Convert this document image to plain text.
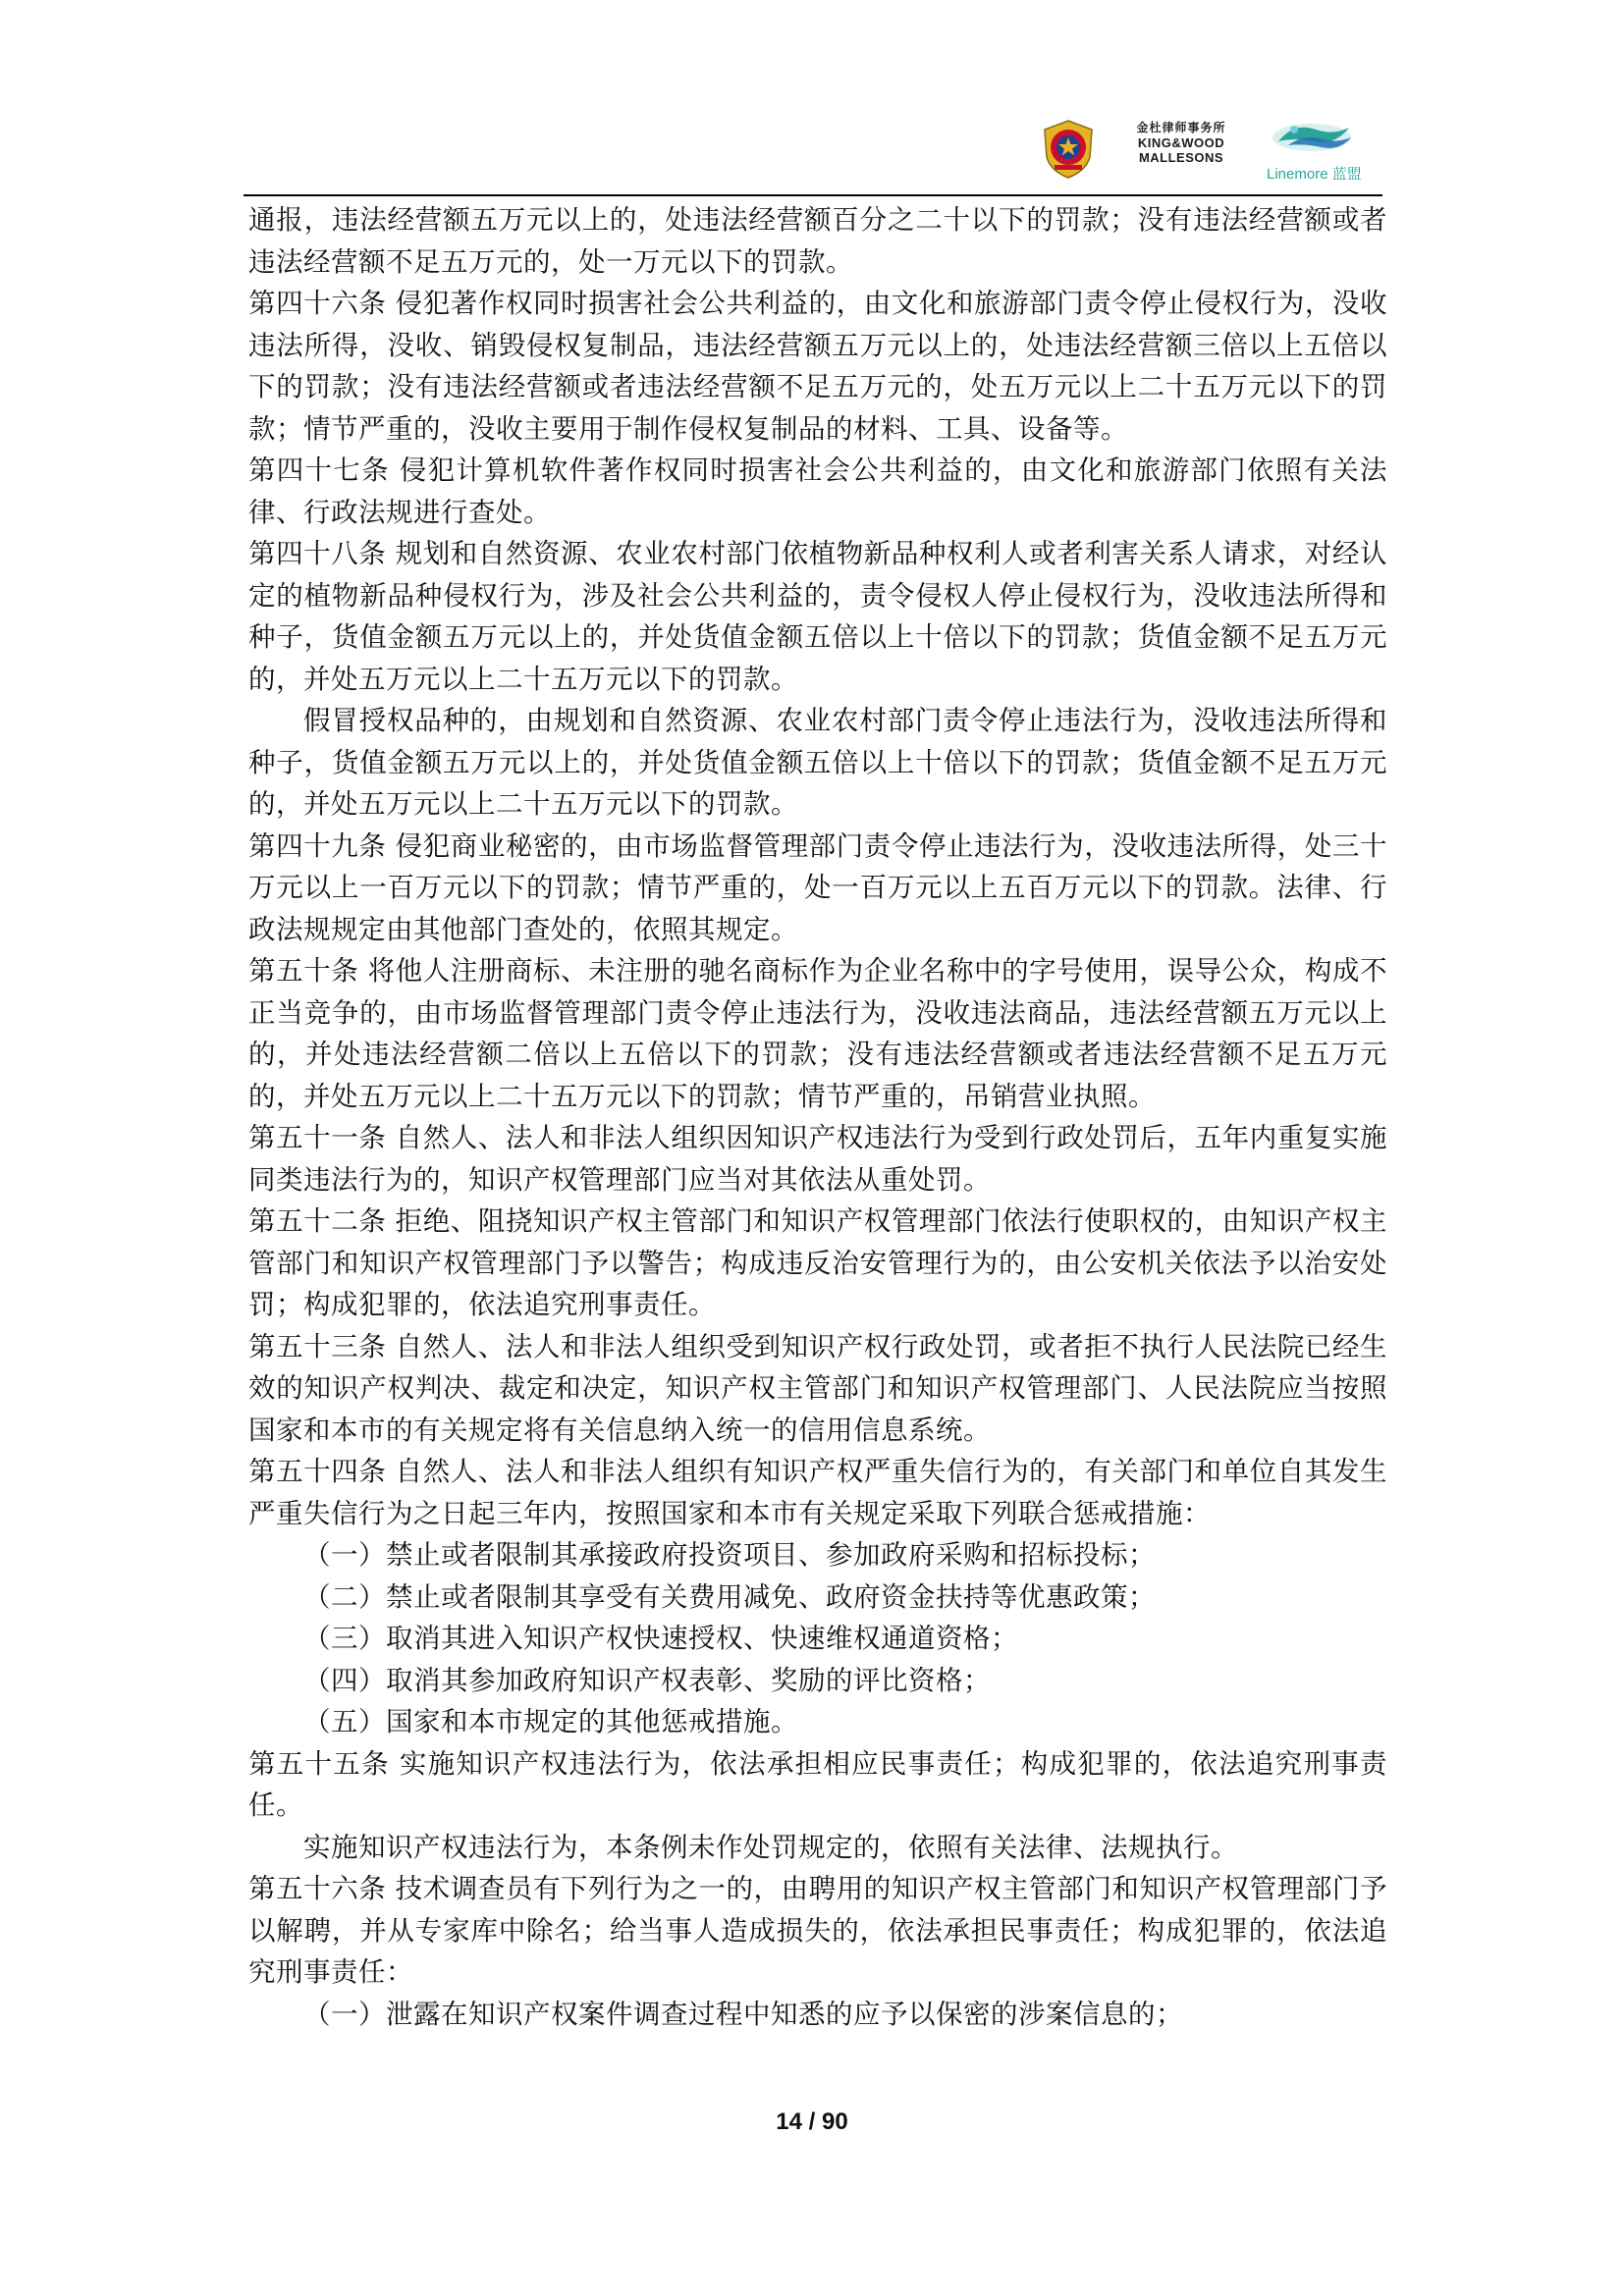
金杜律师事务所
KING&WOOD
MALLESONS
Linemore 蓝盟

通报，违法经营额五万元以上的，处违法经营额百分之二十以下的罚款；没有违法经营额或者违法经营额不足五万元的，处一万元以下的罚款。

第四十六条 侵犯著作权同时损害社会公共利益的，由文化和旅游部门责令停止侵权行为，没收违法所得，没收、销毁侵权复制品，违法经营额五万元以上的，处违法经营额三倍以上五倍以下的罚款；没有违法经营额或者违法经营额不足五万元的，处五万元以上二十五万元以下的罚款；情节严重的，没收主要用于制作侵权复制品的材料、工具、设备等。

第四十七条 侵犯计算机软件著作权同时损害社会公共利益的，由文化和旅游部门依照有关法律、行政法规进行查处。

第四十八条 规划和自然资源、农业农村部门依植物新品种权利人或者利害关系人请求，对经认定的植物新品种侵权行为，涉及社会公共利益的，责令侵权人停止侵权行为，没收违法所得和种子，货值金额五万元以上的，并处货值金额五倍以上十倍以下的罚款；货值金额不足五万元的，并处五万元以上二十五万元以下的罚款。

假冒授权品种的，由规划和自然资源、农业农村部门责令停止违法行为，没收违法所得和种子，货值金额五万元以上的，并处货值金额五倍以上十倍以下的罚款；货值金额不足五万元的，并处五万元以上二十五万元以下的罚款。

第四十九条 侵犯商业秘密的，由市场监督管理部门责令停止违法行为，没收违法所得，处三十万元以上一百万元以下的罚款；情节严重的，处一百万元以上五百万元以下的罚款。法律、行政法规规定由其他部门查处的，依照其规定。

第五十条 将他人注册商标、未注册的驰名商标作为企业名称中的字号使用，误导公众，构成不正当竞争的，由市场监督管理部门责令停止违法行为，没收违法商品，违法经营额五万元以上的，并处违法经营额二倍以上五倍以下的罚款；没有违法经营额或者违法经营额不足五万元的，并处五万元以上二十五万元以下的罚款；情节严重的，吊销营业执照。

第五十一条 自然人、法人和非法人组织因知识产权违法行为受到行政处罚后，五年内重复实施同类违法行为的，知识产权管理部门应当对其依法从重处罚。

第五十二条 拒绝、阻挠知识产权主管部门和知识产权管理部门依法行使职权的，由知识产权主管部门和知识产权管理部门予以警告；构成违反治安管理行为的，由公安机关依法予以治安处罚；构成犯罪的，依法追究刑事责任。

第五十三条 自然人、法人和非法人组织受到知识产权行政处罚，或者拒不执行人民法院已经生效的知识产权判决、裁定和决定，知识产权主管部门和知识产权管理部门、人民法院应当按照国家和本市的有关规定将有关信息纳入统一的信用信息系统。

第五十四条 自然人、法人和非法人组织有知识产权严重失信行为的，有关部门和单位自其发生严重失信行为之日起三年内，按照国家和本市有关规定采取下列联合惩戒措施：

（一）禁止或者限制其承接政府投资项目、参加政府采购和招标投标；

（二）禁止或者限制其享受有关费用减免、政府资金扶持等优惠政策；

（三）取消其进入知识产权快速授权、快速维权通道资格；

（四）取消其参加政府知识产权表彰、奖励的评比资格；

（五）国家和本市规定的其他惩戒措施。

第五十五条 实施知识产权违法行为，依法承担相应民事责任；构成犯罪的，依法追究刑事责任。

实施知识产权违法行为，本条例未作处罚规定的，依照有关法律、法规执行。

第五十六条 技术调查员有下列行为之一的，由聘用的知识产权主管部门和知识产权管理部门予以解聘，并从专家库中除名；给当事人造成损失的，依法承担民事责任；构成犯罪的，依法追究刑事责任：

（一）泄露在知识产权案件调查过程中知悉的应予以保密的涉案信息的；

14 / 90
